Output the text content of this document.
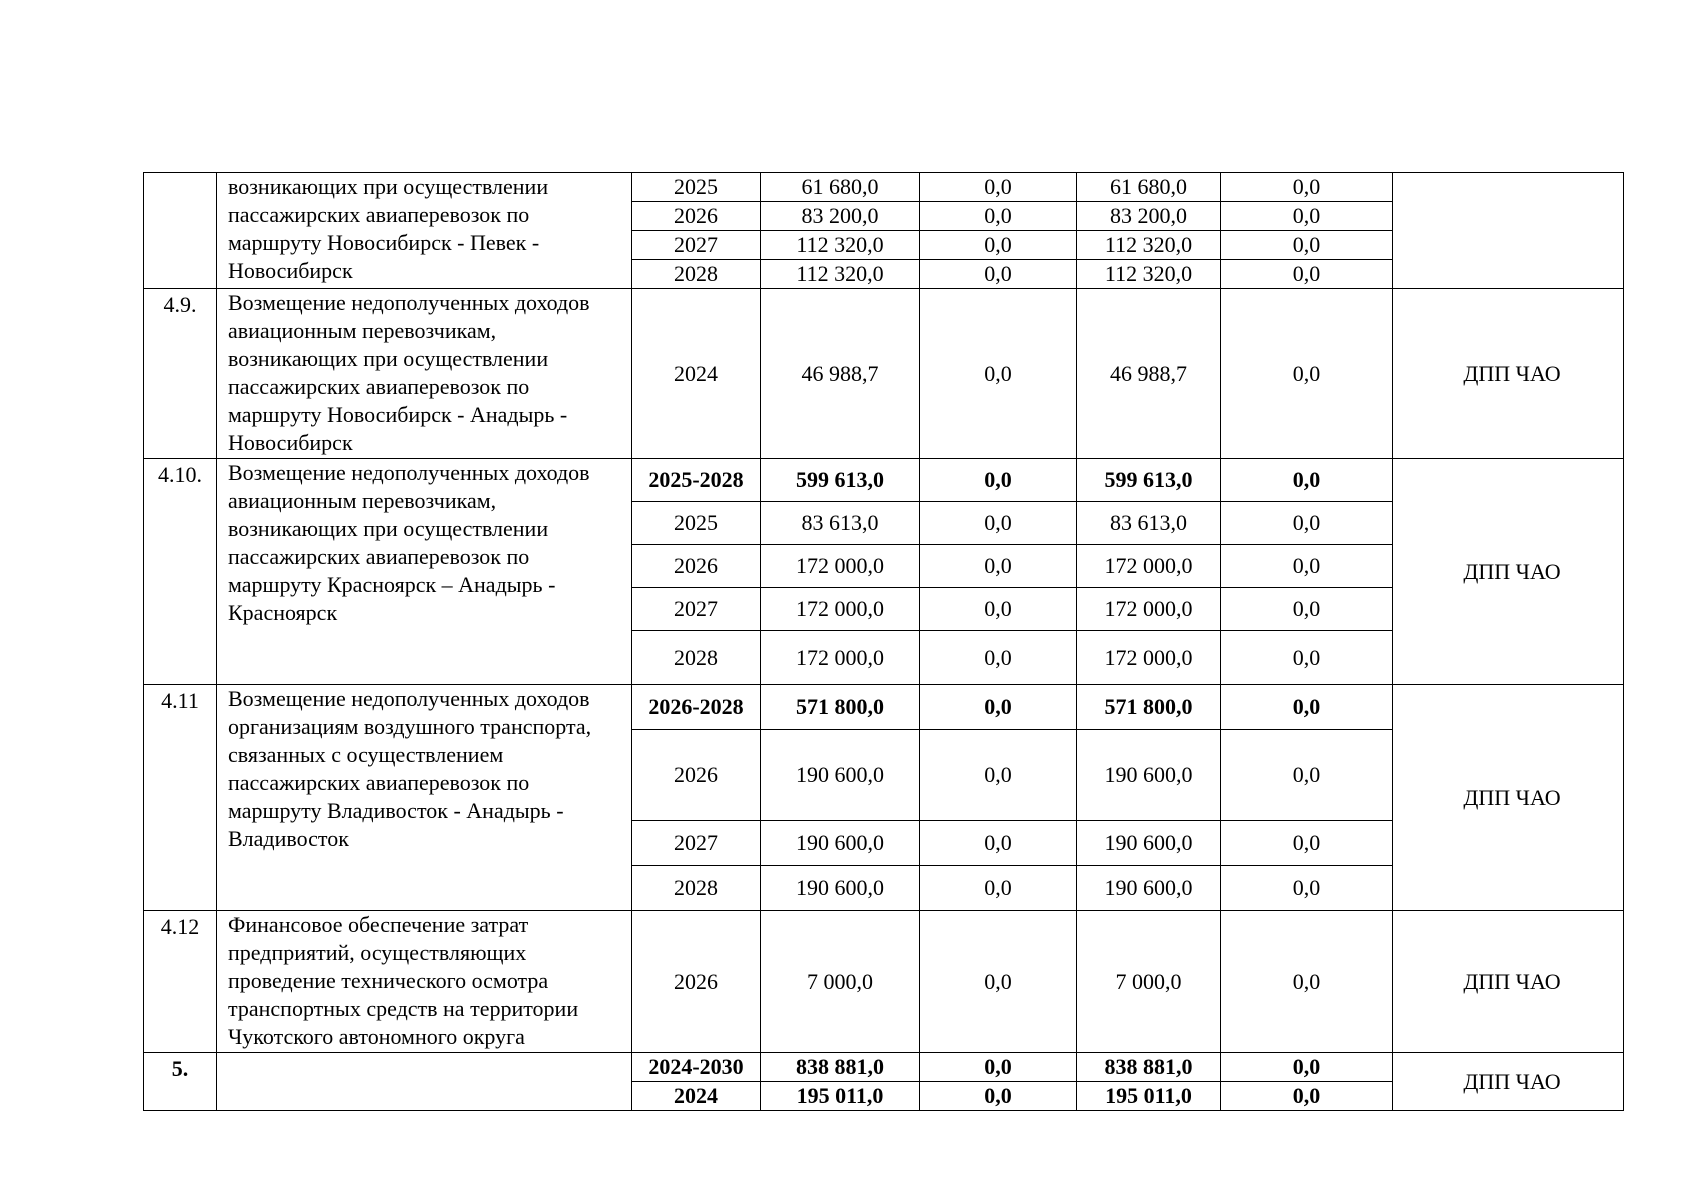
	возникающих при осуществлении пассажирских авиаперевозок по маршруту Новосибирск - Певек - Новосибирск	2025	61 680,0	0,0	61 680,0	0,0	
		2026	83 200,0	0,0	83 200,0	0,0	
		2027	112 320,0	0,0	112 320,0	0,0	
		2028	112 320,0	0,0	112 320,0	0,0	
4.9.	Возмещение недополученных доходов авиационным перевозчикам, возникающих при осуществлении пассажирских авиаперевозок по маршруту Новосибирск - Анадырь - Новосибирск	2024	46 988,7	0,0	46 988,7	0,0	ДПП ЧАО
4.10.	Возмещение недополученных доходов авиационным перевозчикам, возникающих при осуществлении пассажирских авиаперевозок по маршруту Красноярск – Анадырь - Красноярск	2025-2028	599 613,0	0,0	599 613,0	0,0	ДПП ЧАО
		2025	83 613,0	0,0	83 613,0	0,0	
		2026	172 000,0	0,0	172 000,0	0,0	
		2027	172 000,0	0,0	172 000,0	0,0	
		2028	172 000,0	0,0	172 000,0	0,0	
4.11	Возмещение недополученных доходов организациям воздушного транспорта, связанных с осуществлением пассажирских авиаперевозок по маршруту Владивосток - Анадырь - Владивосток	2026-2028	571 800,0	0,0	571 800,0	0,0	ДПП ЧАО
		2026	190 600,0	0,0	190 600,0	0,0	
		2027	190 600,0	0,0	190 600,0	0,0	
		2028	190 600,0	0,0	190 600,0	0,0	
4.12	Финансовое обеспечение затрат предприятий, осуществляющих проведение технического осмотра транспортных средств на территории Чукотского автономного округа	2026	7 000,0	0,0	7 000,0	0,0	ДПП ЧАО
5.		2024-2030	838 881,0	0,0	838 881,0	0,0	ДПП ЧАО
		2024	195 011,0	0,0	195 011,0	0,0	
